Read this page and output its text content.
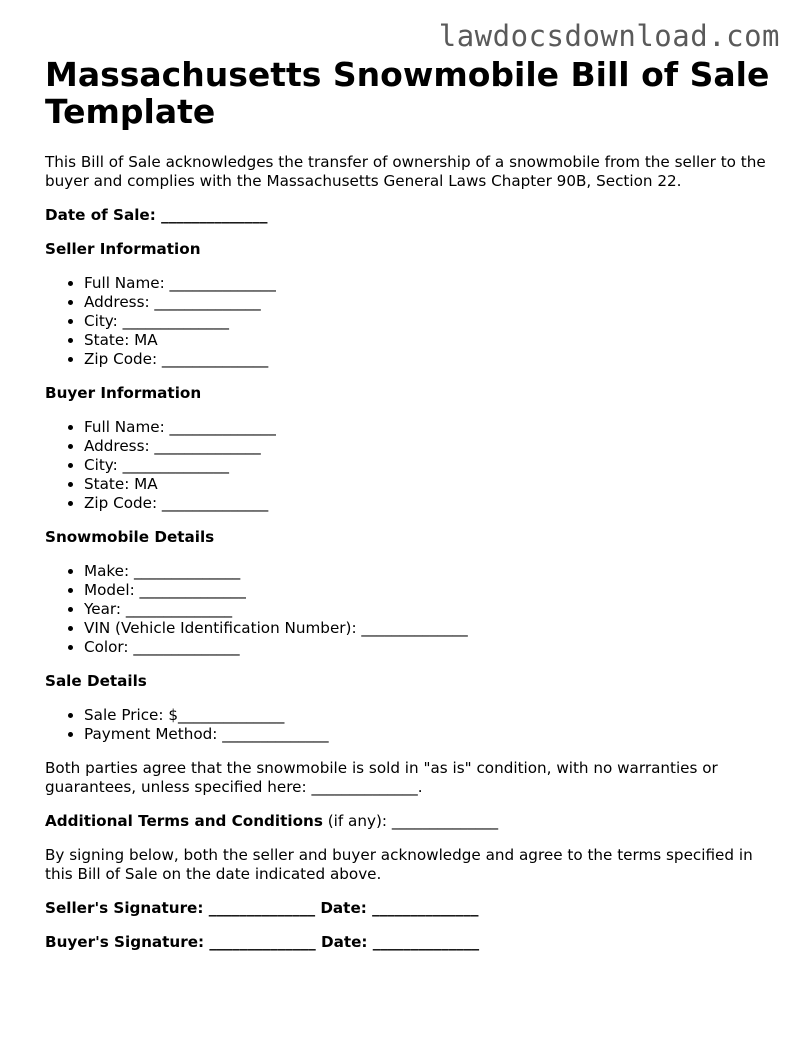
lawdocsdownload.com
Massachusetts Snowmobile Bill of Sale Template

This Bill of Sale acknowledges the transfer of ownership of a snowmobile from the seller to the buyer and complies with the Massachusetts General Laws Chapter 90B, Section 22.

Date of Sale: ______________

Seller Information
• Full Name: ______________
• Address: ______________
• City: ______________
• State: MA
• Zip Code: ______________
Buyer Information
• Full Name: ______________
• Address: ______________
• City: ______________
• State: MA
• Zip Code: ______________
Snowmobile Details
• Make: ______________
• Model: ______________
• Year: ______________
• VIN (Vehicle Identification Number): ______________
• Color: ______________
Sale Details
• Sale Price: $______________
• Payment Method: ______________

Both parties agree that the snowmobile is sold in "as is" condition, with no warranties or guarantees, unless specified here: ______________.

Additional Terms and Conditions (if any): ______________

By signing below, both the seller and buyer acknowledge and agree to the terms specified in this Bill of Sale on the date indicated above.

Seller's Signature: ______________ Date: ______________

Buyer's Signature: ______________ Date: ______________
